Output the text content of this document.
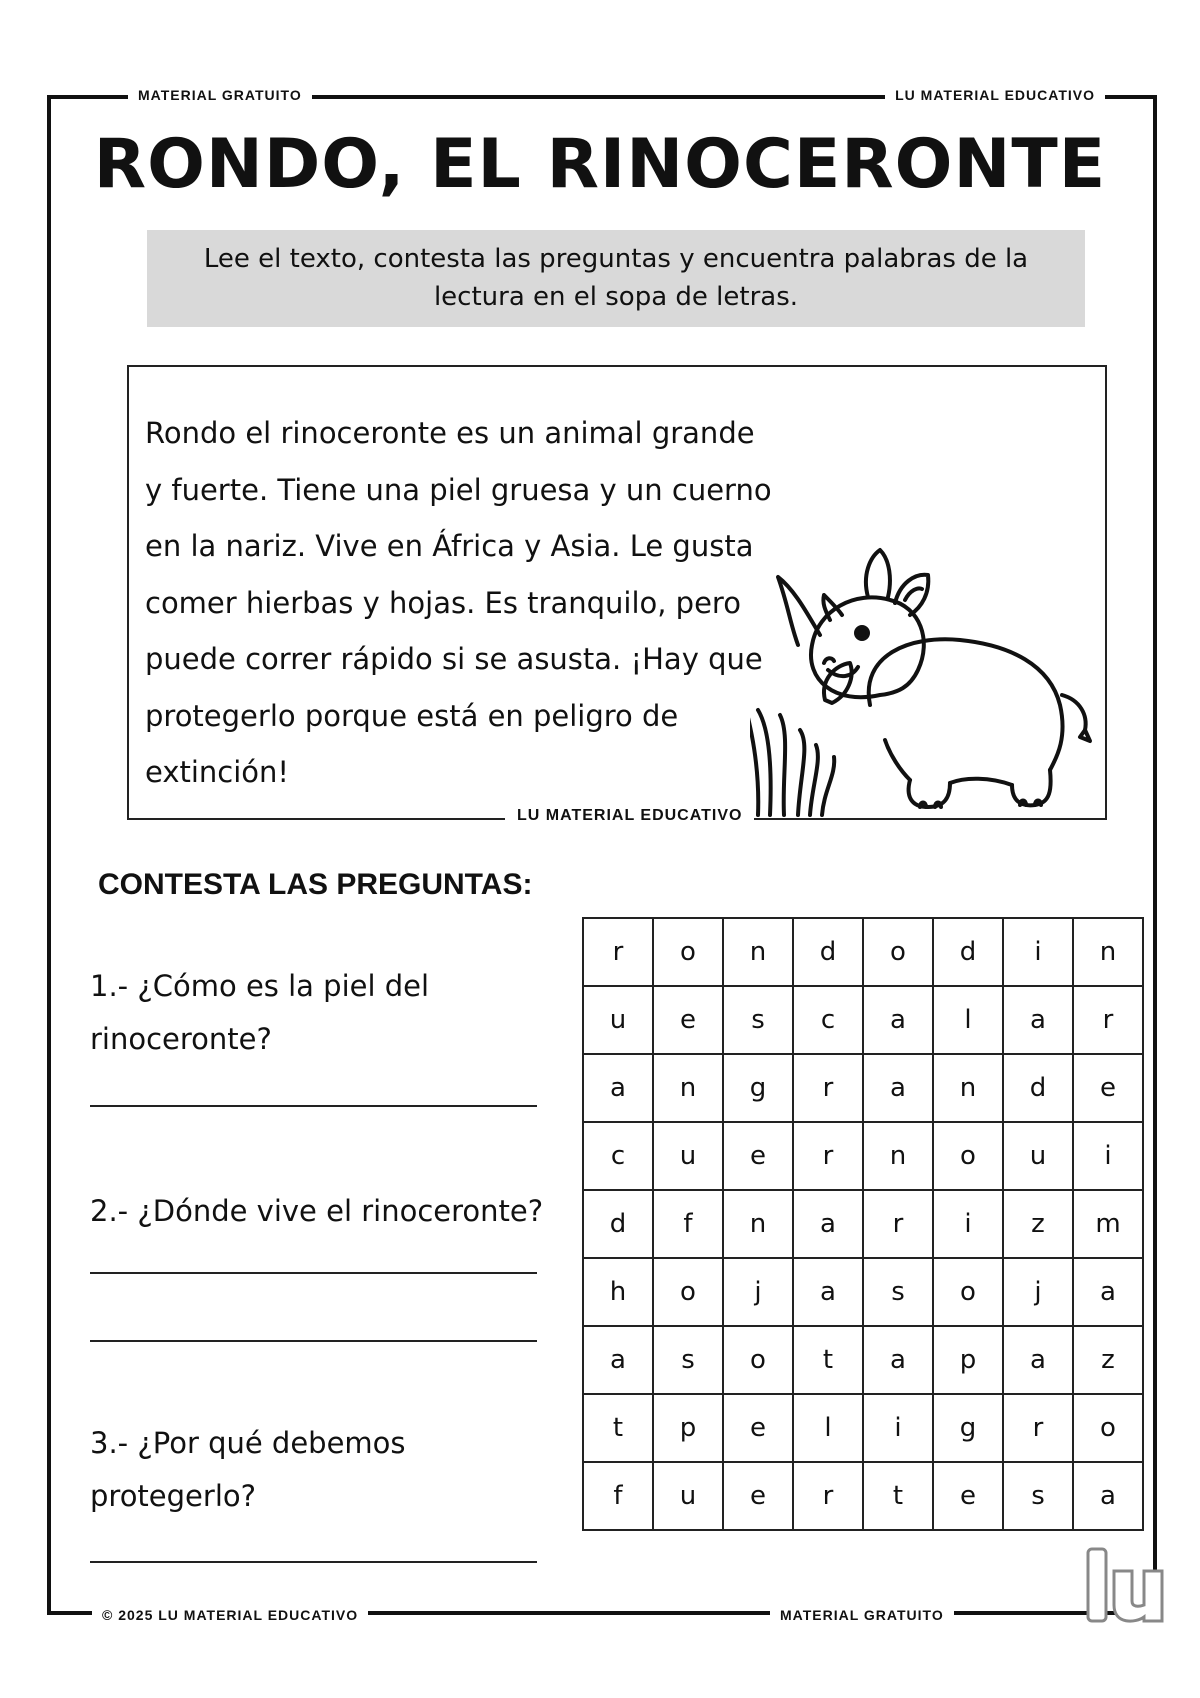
MATERIAL GRATUITO	LU MATERIAL EDUCATIVO
RONDO, EL RINOCERONTE
Lee el texto, contesta las preguntas y encuentra palabras de la lectura en el sopa de letras.

Rondo el rinoceronte es un animal grande y fuerte. Tiene una piel gruesa y un cuerno en la nariz. Vive en África y Asia. Le gusta comer hierbas y hojas. Es tranquilo, pero puede correr rápido si se asusta. ¡Hay que protegerlo porque está en peligro de extinción!

LU MATERIAL EDUCATIVO
CONTESTA LAS PREGUNTAS:

1.- ¿Cómo es la piel del rinoceronte?

2.- ¿Dónde vive el rinoceronte?

3.- ¿Por qué debemos protegerlo?

r	o	n	d	o	d	i	n
u	e	s	c	a	l	a	r
a	n	g	r	a	n	d	e
c	u	e	r	n	o	u	i
d	f	n	a	r	i	z	m
h	o	j	a	s	o	j	a
a	s	o	t	a	p	a	z
t	p	e	l	i	g	r	o
f	u	e	r	t	e	s	a
© 2025 LU MATERIAL EDUCATIVO	MATERIAL GRATUITO
